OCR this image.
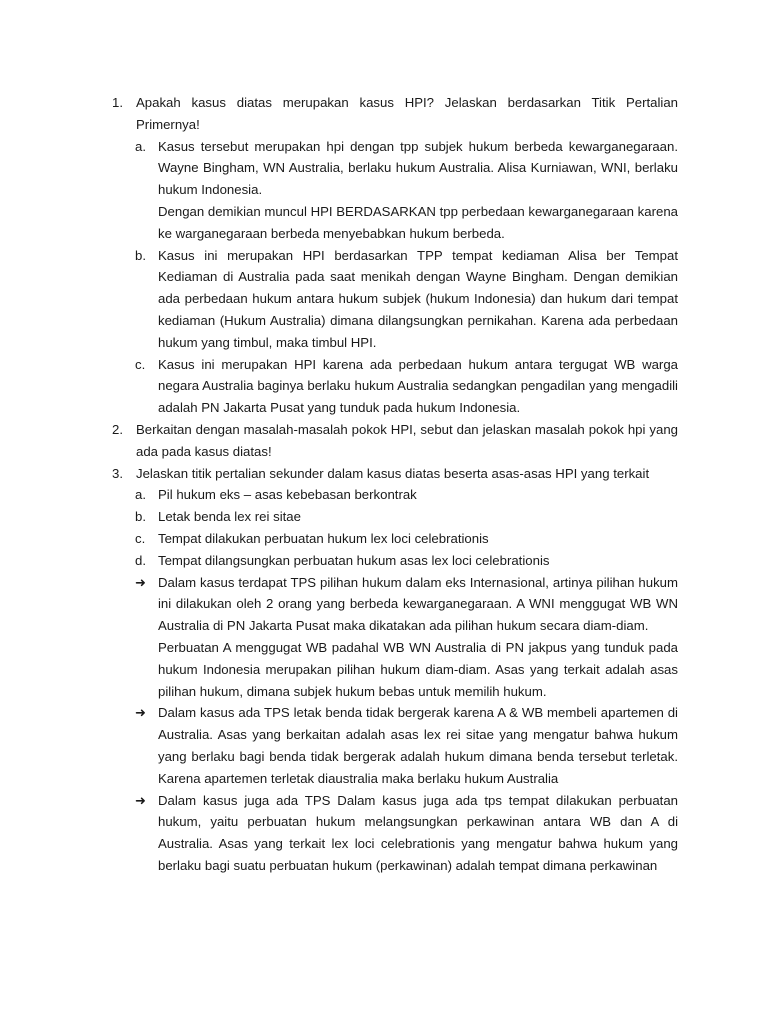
1. Apakah kasus diatas merupakan kasus HPI? Jelaskan berdasarkan Titik Pertalian Primernya!
a. Kasus tersebut merupakan hpi dengan tpp subjek hukum berbeda kewarganegaraan. Wayne Bingham, WN Australia, berlaku hukum Australia. Alisa Kurniawan, WNI, berlaku hukum Indonesia.
Dengan demikian muncul HPI BERDASARKAN tpp perbedaan kewarganegaraan karena ke warganegaraan berbeda menyebabkan hukum berbeda.
b. Kasus ini merupakan HPI berdasarkan TPP tempat kediaman Alisa ber Tempat Kediaman di Australia pada saat menikah dengan Wayne Bingham. Dengan demikian ada perbedaan hukum antara hukum subjek (hukum Indonesia) dan hukum dari tempat kediaman (Hukum Australia) dimana dilangsungkan pernikahan. Karena ada perbedaan hukum yang timbul, maka timbul HPI.
c. Kasus ini merupakan HPI karena ada perbedaan hukum antara tergugat WB warga negara Australia baginya berlaku hukum Australia sedangkan pengadilan yang mengadili adalah PN Jakarta Pusat yang tunduk pada hukum Indonesia.
2. Berkaitan dengan masalah-masalah pokok HPI, sebut dan jelaskan masalah pokok hpi yang ada pada kasus diatas!
3. Jelaskan titik pertalian sekunder dalam kasus diatas beserta asas-asas HPI yang terkait
a. Pil hukum eks – asas kebebasan berkontrak
b. Letak benda lex rei sitae
c. Tempat dilakukan perbuatan hukum lex loci celebrationis
d. Tempat dilangsungkan perbuatan hukum asas lex loci celebrationis
➜ Dalam kasus terdapat TPS pilihan hukum dalam eks Internasional, artinya pilihan hukum ini dilakukan oleh 2 orang yang berbeda kewarganegaraan. A WNI menggugat WB WN Australia di PN Jakarta Pusat maka dikatakan ada pilihan hukum secara diam-diam.
Perbuatan A menggugat WB padahal WB WN Australia di PN jakpus yang tunduk pada hukum Indonesia merupakan pilihan hukum diam-diam. Asas yang terkait adalah asas pilihan hukum, dimana subjek hukum bebas untuk memilih hukum.
➜ Dalam kasus ada TPS letak benda tidak bergerak karena A & WB membeli apartemen di Australia. Asas yang berkaitan adalah asas lex rei sitae yang mengatur bahwa hukum yang berlaku bagi benda tidak bergerak adalah hukum dimana benda tersebut terletak. Karena apartemen terletak diaustralia maka berlaku hukum Australia
➜ Dalam kasus juga ada TPS Dalam kasus juga ada tps tempat dilakukan perbuatan hukum, yaitu perbuatan hukum melangsungkan perkawinan antara WB dan A di Australia. Asas yang terkait lex loci celebrationis yang mengatur bahwa hukum yang berlaku bagi suatu perbuatan hukum (perkawinan) adalah tempat dimana perkawinan
